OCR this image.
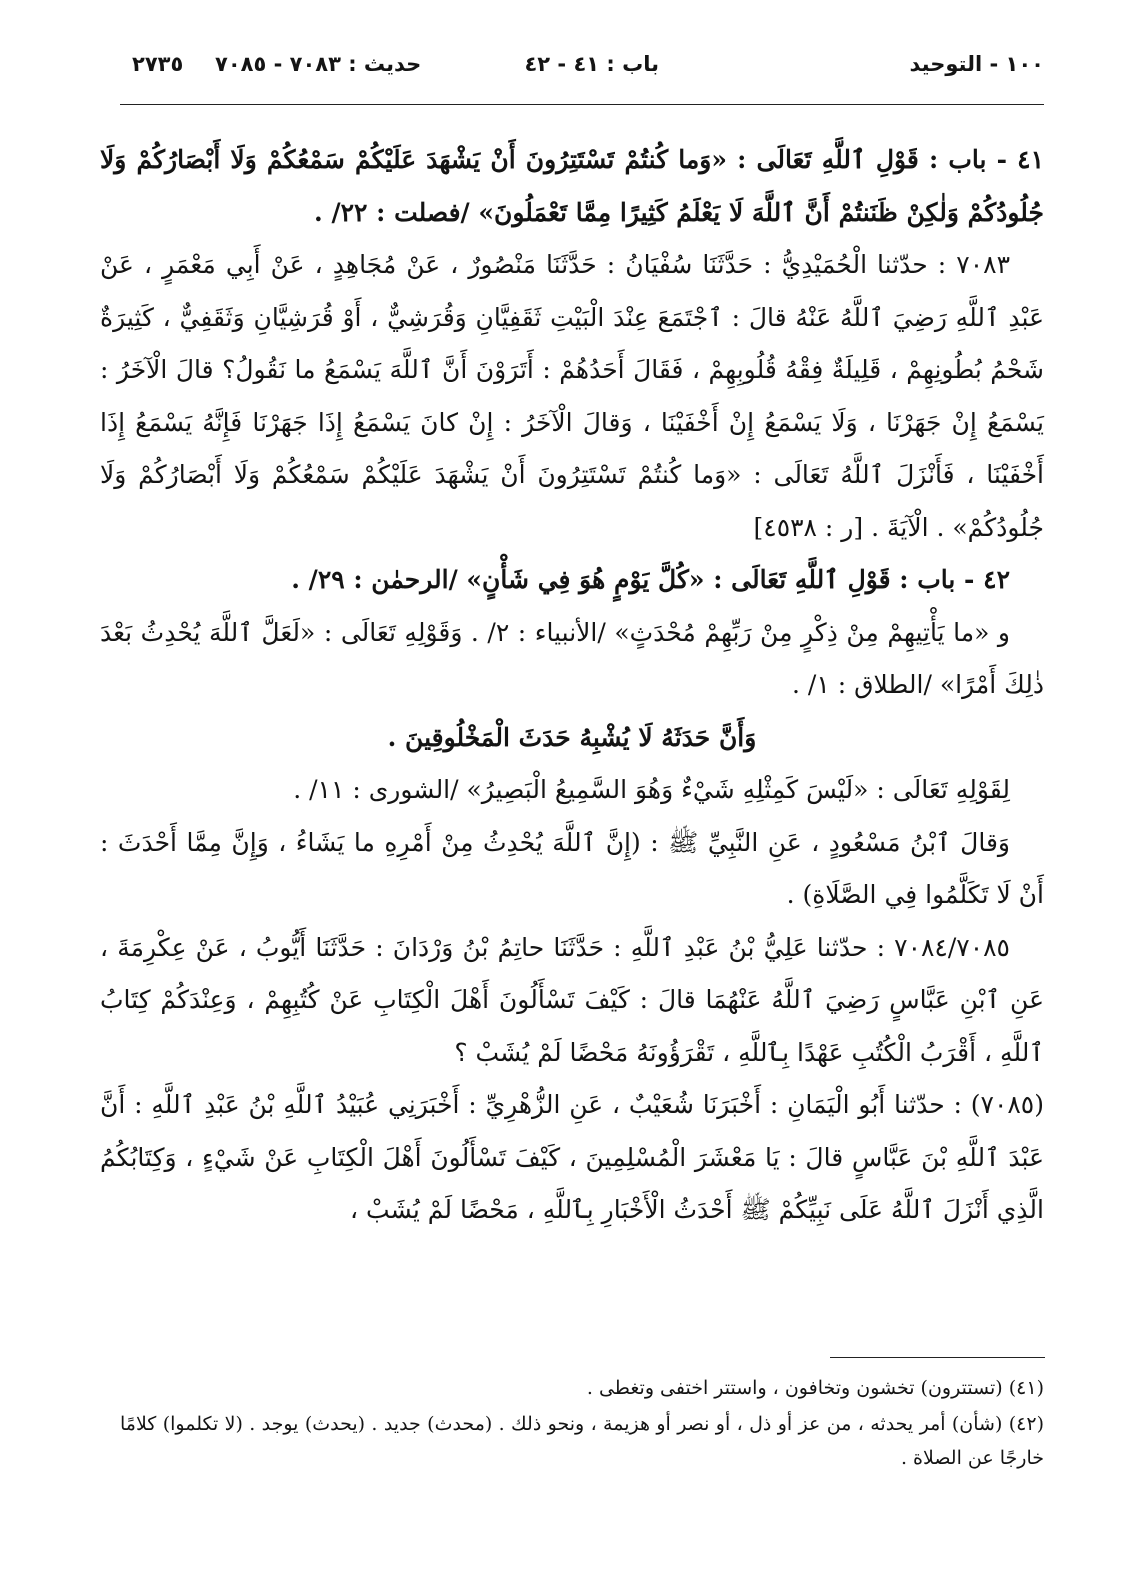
١٠٠ - التوحيد
باب : ٤١ - ٤٢
حديث : ٧٠٨٣ - ٧٠٨٥
٢٧٣٥

٤١ - باب : قَوْلِ ٱللَّهِ تَعَالَى : «وَما كُنتُمْ تَسْتَتِرُونَ أَنْ يَشْهَدَ عَلَيْكُمْ سَمْعُكُمْ وَلَا أَبْصَارُكُمْ وَلَا جُلُودُكُمْ وَلٰكِنْ ظَنَنتُمْ أَنَّ ٱللَّهَ لَا يَعْلَمُ كَثِيرًا مِمَّا تَعْمَلُونَ» /فصلت : ٢٢/ .

٧٠٨٣ : حدّثنا الْحُمَيْدِيُّ : حَدَّثَنَا سُفْيَانُ : حَدَّثَنَا مَنْصُورٌ ، عَنْ مُجَاهِدٍ ، عَنْ أَبِي مَعْمَرٍ ، عَنْ عَبْدِ ٱللَّهِ رَضِيَ ٱللَّهُ عَنْهُ قالَ : ٱجْتَمَعَ عِنْدَ الْبَيْتِ ثَقَفِيَّانِ وَقُرَشِيٌّ ، أَوْ قُرَشِيَّانِ وَثَقَفِيٌّ ، كَثِيرَةٌ شَحْمُ بُطُونِهِمْ ، قَلِيلَةٌ فِقْهُ قُلُوبِهِمْ ، فَقَالَ أَحَدُهُمْ : أَتَرَوْنَ أَنَّ ٱللَّهَ يَسْمَعُ ما نَقُولُ؟ قالَ الْآخَرُ : يَسْمَعُ إِنْ جَهَرْنَا ، وَلَا يَسْمَعُ إِنْ أَخْفَيْنَا ، وَقالَ الْآخَرُ : إِنْ كانَ يَسْمَعُ إِذَا جَهَرْنَا فَإِنَّهُ يَسْمَعُ إِذَا أَخْفَيْنَا ، فَأَنْزَلَ ٱللَّهُ تَعَالَى : «وَما كُنتُمْ تَسْتَتِرُونَ أَنْ يَشْهَدَ عَلَيْكُمْ سَمْعُكُمْ وَلَا أَبْصَارُكُمْ وَلَا جُلُودُكُمْ» . الْآيَةَ . [ر : ٤٥٣٨]

٤٢ - باب : قَوْلِ ٱللَّهِ تَعَالَى : «كُلَّ يَوْمٍ هُوَ فِي شَأْنٍ» /الرحمٰن : ٢٩/ .

و «ما يَأْتِيهِمْ مِنْ ذِكْرٍ مِنْ رَبِّهِمْ مُحْدَثٍ» /الأنبياء : ٢/ . وَقَوْلِهِ تَعَالَى : «لَعَلَّ ٱللَّهَ يُحْدِثُ بَعْدَ ذٰلِكَ أَمْرًا» /الطلاق : ١/ .

وَأَنَّ حَدَثَهُ لَا يُشْبِهُ حَدَثَ الْمَخْلُوقِينَ .

لِقَوْلِهِ تَعَالَى : «لَيْسَ كَمِثْلِهِ شَيْءٌ وَهُوَ السَّمِيعُ الْبَصِيرُ» /الشورى : ١١/ .

وَقالَ ٱبْنُ مَسْعُودٍ ، عَنِ النَّبِيِّ ﷺ : (إِنَّ ٱللَّهَ يُحْدِثُ مِنْ أَمْرِهِ ما يَشَاءُ ، وَإِنَّ مِمَّا أَحْدَثَ : أَنْ لَا تَكَلَّمُوا فِي الصَّلَاةِ) .

٧٠٨٤/٧٠٨٥ : حدّثنا عَلِيُّ بْنُ عَبْدِ ٱللَّهِ : حَدَّثَنَا حاتِمُ بْنُ وَرْدَانَ : حَدَّثَنَا أَيُّوبُ ، عَنْ عِكْرِمَةَ ، عَنِ ٱبْنِ عَبَّاسٍ رَضِيَ ٱللَّهُ عَنْهُمَا قالَ : كَيْفَ تَسْأَلُونَ أَهْلَ الْكِتَابِ عَنْ كُتُبِهِمْ ، وَعِنْدَكُمْ كِتَابُ ٱللَّهِ ، أَقْرَبُ الْكُتُبِ عَهْدًا بِٱللَّهِ ، تَقْرَؤُونَهُ مَحْضًا لَمْ يُشَبْ ؟

(٧٠٨٥) : حدّثنا أَبُو الْيَمَانِ : أَخْبَرَنَا شُعَيْبٌ ، عَنِ الزُّهْرِيِّ : أَخْبَرَنِي عُبَيْدُ ٱللَّهِ بْنُ عَبْدِ ٱللَّهِ : أَنَّ عَبْدَ ٱللَّهِ بْنَ عَبَّاسٍ قالَ : يَا مَعْشَرَ الْمُسْلِمِينَ ، كَيْفَ تَسْأَلُونَ أَهْلَ الْكِتَابِ عَنْ شَيْءٍ ، وَكِتَابُكُمُ الَّذِي أَنْزَلَ ٱللَّهُ عَلَى نَبِيِّكُمْ ﷺ أَحْدَثُ الْأَخْبَارِ بِٱللَّهِ ، مَحْضًا لَمْ يُشَبْ ،

(٤١) (تستترون) تخشون وتخافون ، واستتر اختفى وتغطى .

(٤٢) (شأن) أمر يحدثه ، من عز أو ذل ، أو نصر أو هزيمة ، ونحو ذلك . (محدث) جديد . (يحدث) يوجد . (لا تكلموا) كلامًا خارجًا عن الصلاة .
